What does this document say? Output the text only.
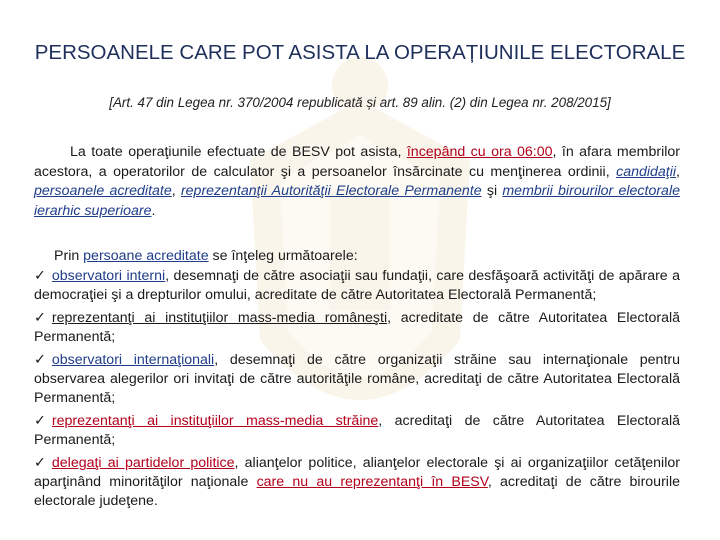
PERSOANELE CARE POT ASISTA LA OPERAȚIUNILE ELECTORALE
[Art. 47 din Legea nr. 370/2004 republicată și art. 89 alin. (2) din Legea nr. 208/2015]

La toate operaţiunile efectuate de BESV pot asista, începând cu ora 06:00, în afara membrilor acestora, a operatorilor de calculator şi a persoanelor însărcinate cu menţinerea ordinii, candidaţii, persoanele acreditate, reprezentanţii Autorităţii Electorale Permanente şi membrii birourilor electorale ierarhic superioare.

Prin persoane acreditate se înţeleg următoarele:

✓ observatori interni, desemnaţi de către asociaţii sau fundaţii, care desfăşoară activităţi de apărare a democraţiei şi a drepturilor omului, acreditate de către Autoritatea Electorală Permanentă;

✓ reprezentanţi ai instituţiilor mass-media româneşti, acreditate de către Autoritatea Electorală Permanentă;

✓ observatori internaţionali, desemnaţi de către organizaţii străine sau internaţionale pentru observarea alegerilor ori invitaţi de către autorităţile române, acreditaţi de către Autoritatea Electorală Permanentă;

✓ reprezentanţi ai instituţiilor mass-media străine, acreditaţi de către Autoritatea Electorală Permanentă;

✓ delegaţi ai partidelor politice, alianţelor politice, alianţelor electorale şi ai organizaţiilor cetăţenilor aparţinând minorităţilor naţionale care nu au reprezentanţi în BESV, acreditaţi de către birourile electorale judeţene.
